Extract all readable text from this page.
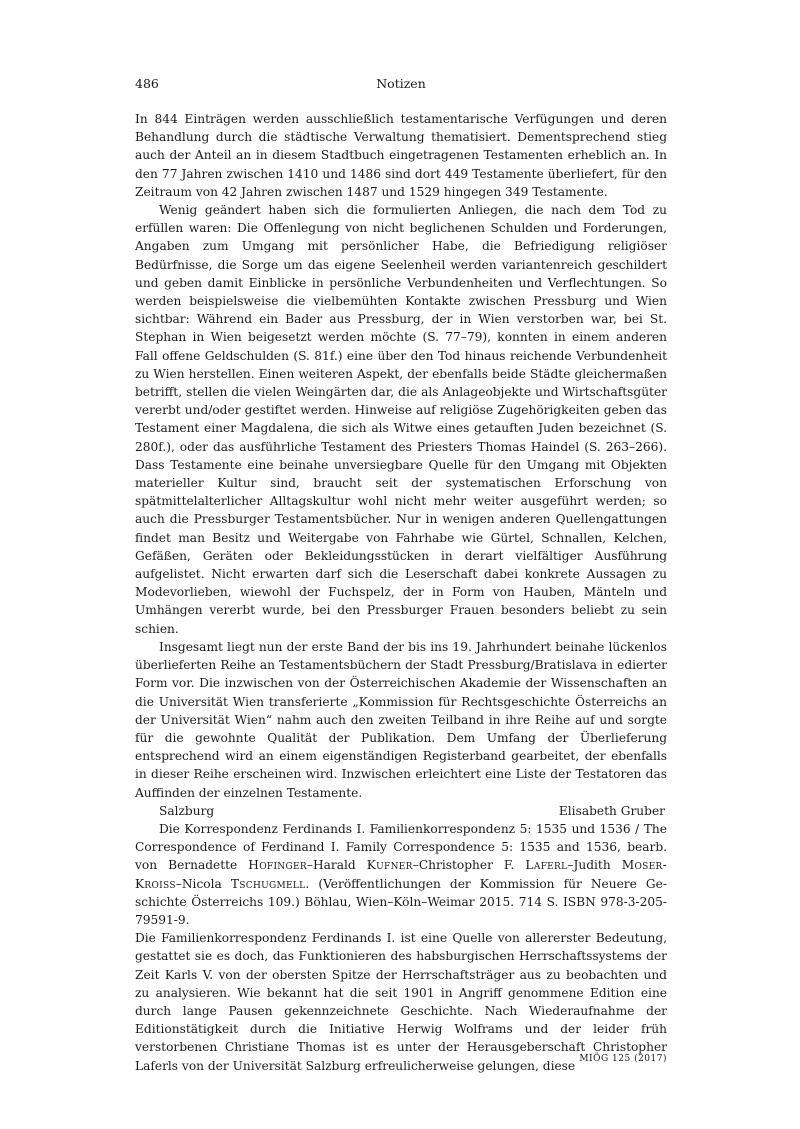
486	Notizen

In 844 Einträgen werden ausschließlich testamentarische Verfügungen und deren Behandlung durch die städtische Verwaltung thematisiert. Dementsprechend stieg auch der Anteil an in diesem Stadtbuch eingetragenen Testamenten erheblich an. In den 77 Jahren zwischen 1410 und 1486 sind dort 449 Testamente überliefert, für den Zeitraum von 42 Jahren zwischen 1487 und 1529 hingegen 349 Testamente.

Wenig geändert haben sich die formulierten Anliegen, die nach dem Tod zu erfüllen waren: Die Offenlegung von nicht beglichenen Schulden und Forderungen, Angaben zum Umgang mit persönlicher Habe, die Befriedigung religiöser Bedürfnisse, die Sorge um das eigene Seelenheil werden variantenreich geschildert und geben damit Einblicke in persönliche Verbundenheiten und Verflechtungen. So werden beispielsweise die vielbemühten Kontakte zwischen Pressburg und Wien sichtbar: Während ein Bader aus Pressburg, der in Wien verstorben war, bei St. Stephan in Wien beigesetzt werden möchte (S. 77–79), konnten in einem anderen Fall offene Geldschulden (S. 81f.) eine über den Tod hinaus reichende Verbundenheit zu Wien herstellen. Einen weiteren Aspekt, der ebenfalls beide Städte gleichermaßen betrifft, stellen die vielen Weingärten dar, die als Anlageobjekte und Wirtschaftsgüter vererbt und/oder gestiftet werden. Hinweise auf religiöse Zugehörigkeiten geben das Testament einer Magdalena, die sich als Witwe eines getauften Juden bezeichnet (S. 280f.), oder das ausführliche Testament des Priesters Thomas Haindel (S. 263–266). Dass Testamente eine beinahe unversiegbare Quelle für den Umgang mit Objekten materieller Kultur sind, braucht seit der systematischen Erforschung von spätmittelalterlicher Alltagskultur wohl nicht mehr weiter ausgeführt werden; so auch die Pressburger Testamentsbücher. Nur in wenigen anderen Quellengattungen findet man Besitz und Weitergabe von Fahrhabe wie Gürtel, Schnallen, Kelchen, Gefäßen, Geräten oder Bekleidungsstücken in derart vielfältiger Ausführung aufgelistet. Nicht erwarten darf sich die Leserschaft dabei konkrete Aussagen zu Modevorlieben, wiewohl der Fuchspelz, der in Form von Hauben, Mänteln und Umhängen vererbt wurde, bei den Pressburger Frauen besonders beliebt zu sein schien.

Insgesamt liegt nun der erste Band der bis ins 19. Jahrhundert beinahe lückenlos überlieferten Reihe an Testamentsbüchern der Stadt Pressburg/Bratislava in edierter Form vor. Die inzwischen von der Österreichischen Akademie der Wissenschaften an die Universität Wien transferierte „Kommission für Rechtsgeschichte Österreichs an der Universität Wien“ nahm auch den zweiten Teilband in ihre Reihe auf und sorgte für die gewohnte Qualität der Publikation. Dem Umfang der Überlieferung entsprechend wird an einem eigenständigen Registerband gearbeitet, der ebenfalls in dieser Reihe erscheinen wird. Inzwischen erleichtert eine Liste der Testatoren das Auffinden der einzelnen Testamente.

Salzburg	Elisabeth Gruber

Die Korrespondenz Ferdinands I. Familienkorrespondenz 5: 1535 und 1536 / The Correspondence of Ferdinand I. Family Correspondence 5: 1535 and 1536, bearb. von Bernadette Hofinger–Harald Kufner–Christopher F. Laferl–Judith Moser-Kroiss–Nicola Tschugmell. (Veröffentlichungen der Kommission für Neuere Geschichte Österreichs 109.) Böhlau, Wien–Köln–Weimar 2015. 714 S. ISBN 978-3-205-79591-9.

Die Familienkorrespondenz Ferdinands I. ist eine Quelle von allererster Bedeutung, gestattet sie es doch, das Funktionieren des habsburgischen Herrschaftssystems der Zeit Karls V. von der obersten Spitze der Herrschaftsträger aus zu beobachten und zu analysieren. Wie bekannt hat die seit 1901 in Angriff genommene Edition eine durch lange Pausen gekennzeichnete Geschichte. Nach Wiederaufnahme der Editionstätigkeit durch die Initiative Herwig Wolframs und der leider früh verstorbenen Christiane Thomas ist es unter der Herausgeberschaft Christopher Laferls von der Universität Salzburg erfreulicherweise gelungen, diese MIÖG 125 (2017)
